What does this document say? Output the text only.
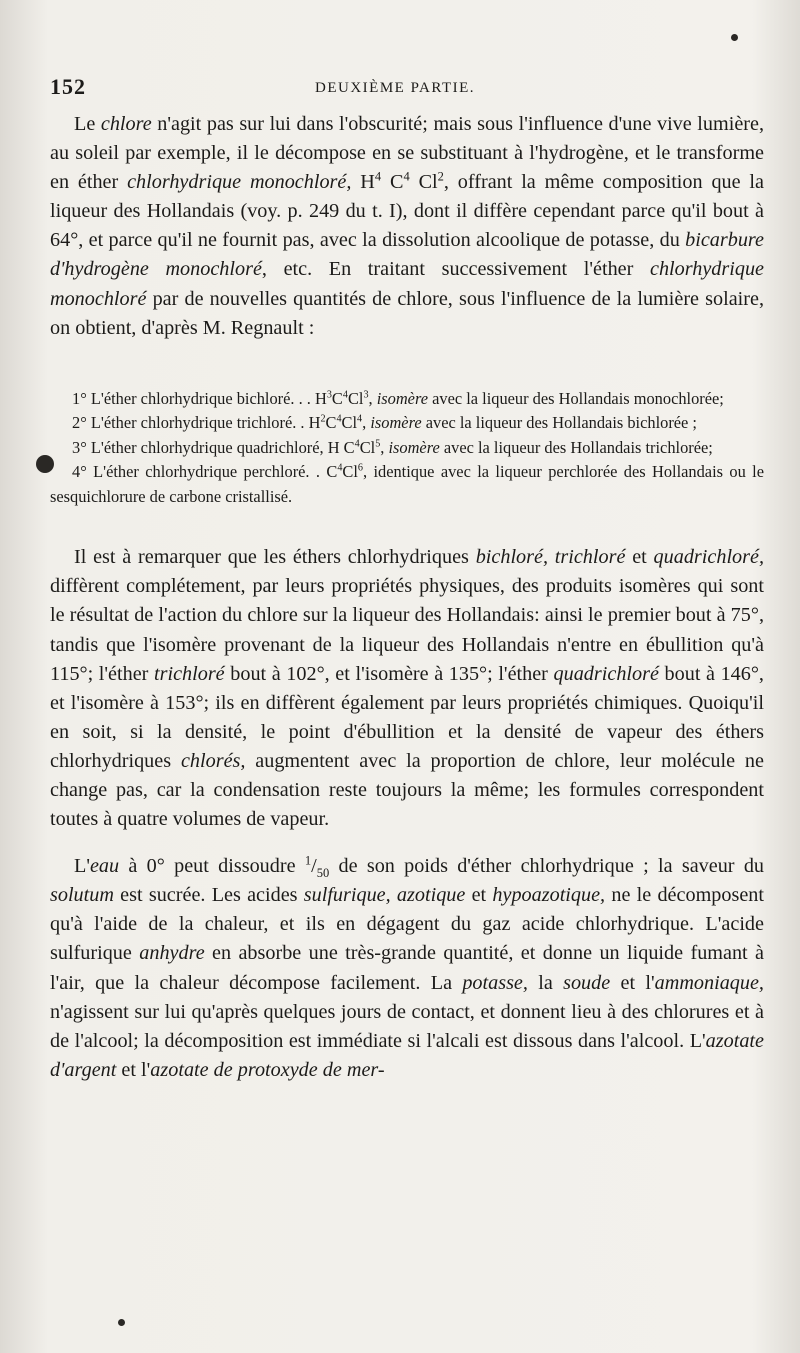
152	DEUXIÈME PARTIE.

Le chlore n'agit pas sur lui dans l'obscurité; mais sous l'influence d'une vive lumière, au soleil par exemple, il le décompose en se substituant à l'hydrogène, et le transforme en éther chlorhydrique monochloré, $H^4$ $C^4$ Cl$^2$, offrant la même composition que la liqueur des Hollandais (voy. p. 249 du t. I), dont il diffère cependant parce qu'il bout à 64°, et parce qu'il ne fournit pas, avec la dissolution alcoolique de potasse, du bicarbure d'hydrogène monochloré, etc. En traitant successivement l'éther chlorhydrique monochloré par de nouvelles quantités de chlore, sous l'influence de la lumière solaire, on obtient, d'après M. Regnault :

1° L'éther chlorhydrique bichloré. . . $H^3C^4Cl^3$, isomère avec la liqueur des Hollandais monochlorée;

2° L'éther chlorhydrique trichloré. . $H^2C^4Cl^4$, isomère avec la liqueur des Hollandais bichlorée ;

3° L'éther chlorhydrique quadrichloré, H $C^4Cl^5$, isomère avec la liqueur des Hollandais trichlorée;

4° L'éther chlorhydrique perchloré. . $C^4Cl^6$, identique avec la liqueur perchlorée des Hollandais ou le sesquichlorure de carbone cristallisé.

Il est à remarquer que les éthers chlorhydriques bichloré, trichloré et quadrichloré, diffèrent complétement, par leurs propriétés physiques, des produits isomères qui sont le résultat de l'action du chlore sur la liqueur des Hollandais: ainsi le premier bout à 75°, tandis que l'isomère provenant de la liqueur des Hollandais n'entre en ébullition qu'à 115°; l'éther trichloré bout à 102°, et l'isomère à 135°; l'éther quadrichloré bout à 146°, et l'isomère à 153°; ils en diffèrent également par leurs propriétés chimiques. Quoiqu'il en soit, si la densité, le point d'ébullition et la densité de vapeur des éthers chlorhydriques chlorés, augmentent avec la proportion de chlore, leur molécule ne change pas, car la condensation reste toujours la même; les formules correspondent toutes à quatre volumes de vapeur.

L'eau à 0° peut dissoudre $^1/_{50}$ de son poids d'éther chlorhydrique ; la saveur du solutum est sucrée. Les acides sulfurique, azotique et hypoazotique, ne le décomposent qu'à l'aide de la chaleur, et ils en dégagent du gaz acide chlorhydrique. L'acide sulfurique anhydre en absorbe une très-grande quantité, et donne un liquide fumant à l'air, que la chaleur décompose facilement. La potasse, la soude et l'ammoniaque, n'agissent sur lui qu'après quelques jours de contact, et donnent lieu à des chlorures et à de l'alcool; la décomposition est immédiate si l'alcali est dissous dans l'alcool. L'azotate d'argent et l'azotate de protoxyde de mer-
